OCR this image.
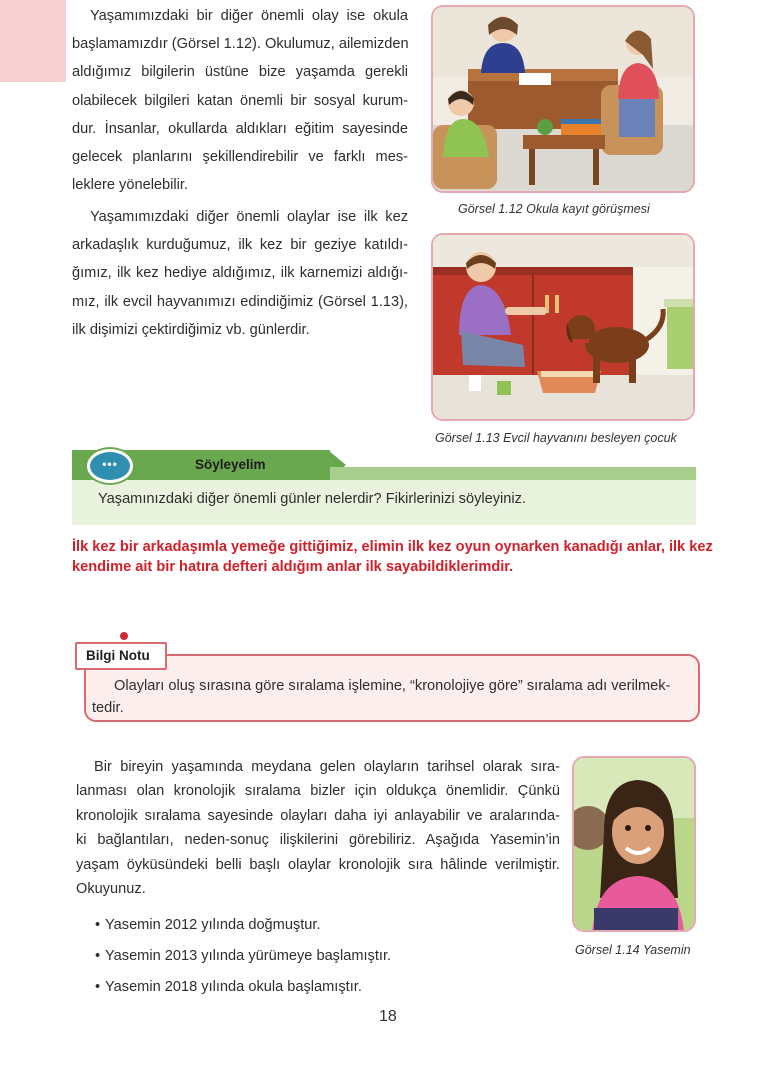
Yaşamımızdaki bir diğer önemli olay ise okula
başlamamızdır (Görsel 1.12). Okulumuz, ailemizden
aldığımız bilgilerin üstüne bize yaşamda gerekli
olabilecek bilgileri katan önemli bir sosyal kurum-
dur. İnsanlar, okullarda aldıkları eğitim sayesinde
gelecek planlarını şekillendirebilir ve farklı mes-
leklere yönelebilir.
Yaşamımızdaki diğer önemli olaylar ise ilk kez
arkadaşlık kurduğumuz, ilk kez bir geziye katıldı-
ğımız, ilk kez hediye aldığımız, ilk karnemizi aldığı-
mız, ilk evcil hayvanımızı edindiğimiz (Görsel 1.13),
ilk dişimizi çektirdiğimiz vb. günlerdir.
Görsel 1.12 Okula kayıt görüşmesi
Görsel 1.13 Evcil hayvanını besleyen çocuk
•••	Söyleyelim
Yaşamınızdaki diğer önemli günler nelerdir? Fikirlerinizi söyleyiniz.
İlk kez bir arkadaşımla yemeğe gittiğimiz, elimin ilk kez oyun oynarken kanadığı anlar, ilk kez
kendime ait bir hatıra defteri aldığım anlar ilk sayabildiklerimdir.
Bilgi Notu
Olayları oluş sırasına göre sıralama işlemine, “kronolojiye göre” sıralama adı verilmek-
tedir.
Bir bireyin yaşamında meydana gelen olayların tarihsel olarak sıra-
lanması olan kronolojik sıralama bizler için oldukça önemlidir. Çünkü
kronolojik sıralama sayesinde olayları daha iyi anlayabilir ve aralarında-
ki bağlantıları, neden-sonuç ilişkilerini görebiliriz. Aşağıda Yasemin’in
yaşam öyküsündeki belli başlı olaylar kronolojik sıra hâlinde verilmiştir.
Okuyunuz.
Görsel 1.14 Yasemin
• Yasemin 2012 yılında doğmuştur.
• Yasemin 2013 yılında yürümeye başlamıştır.
• Yasemin 2018 yılında okula başlamıştır.
18
